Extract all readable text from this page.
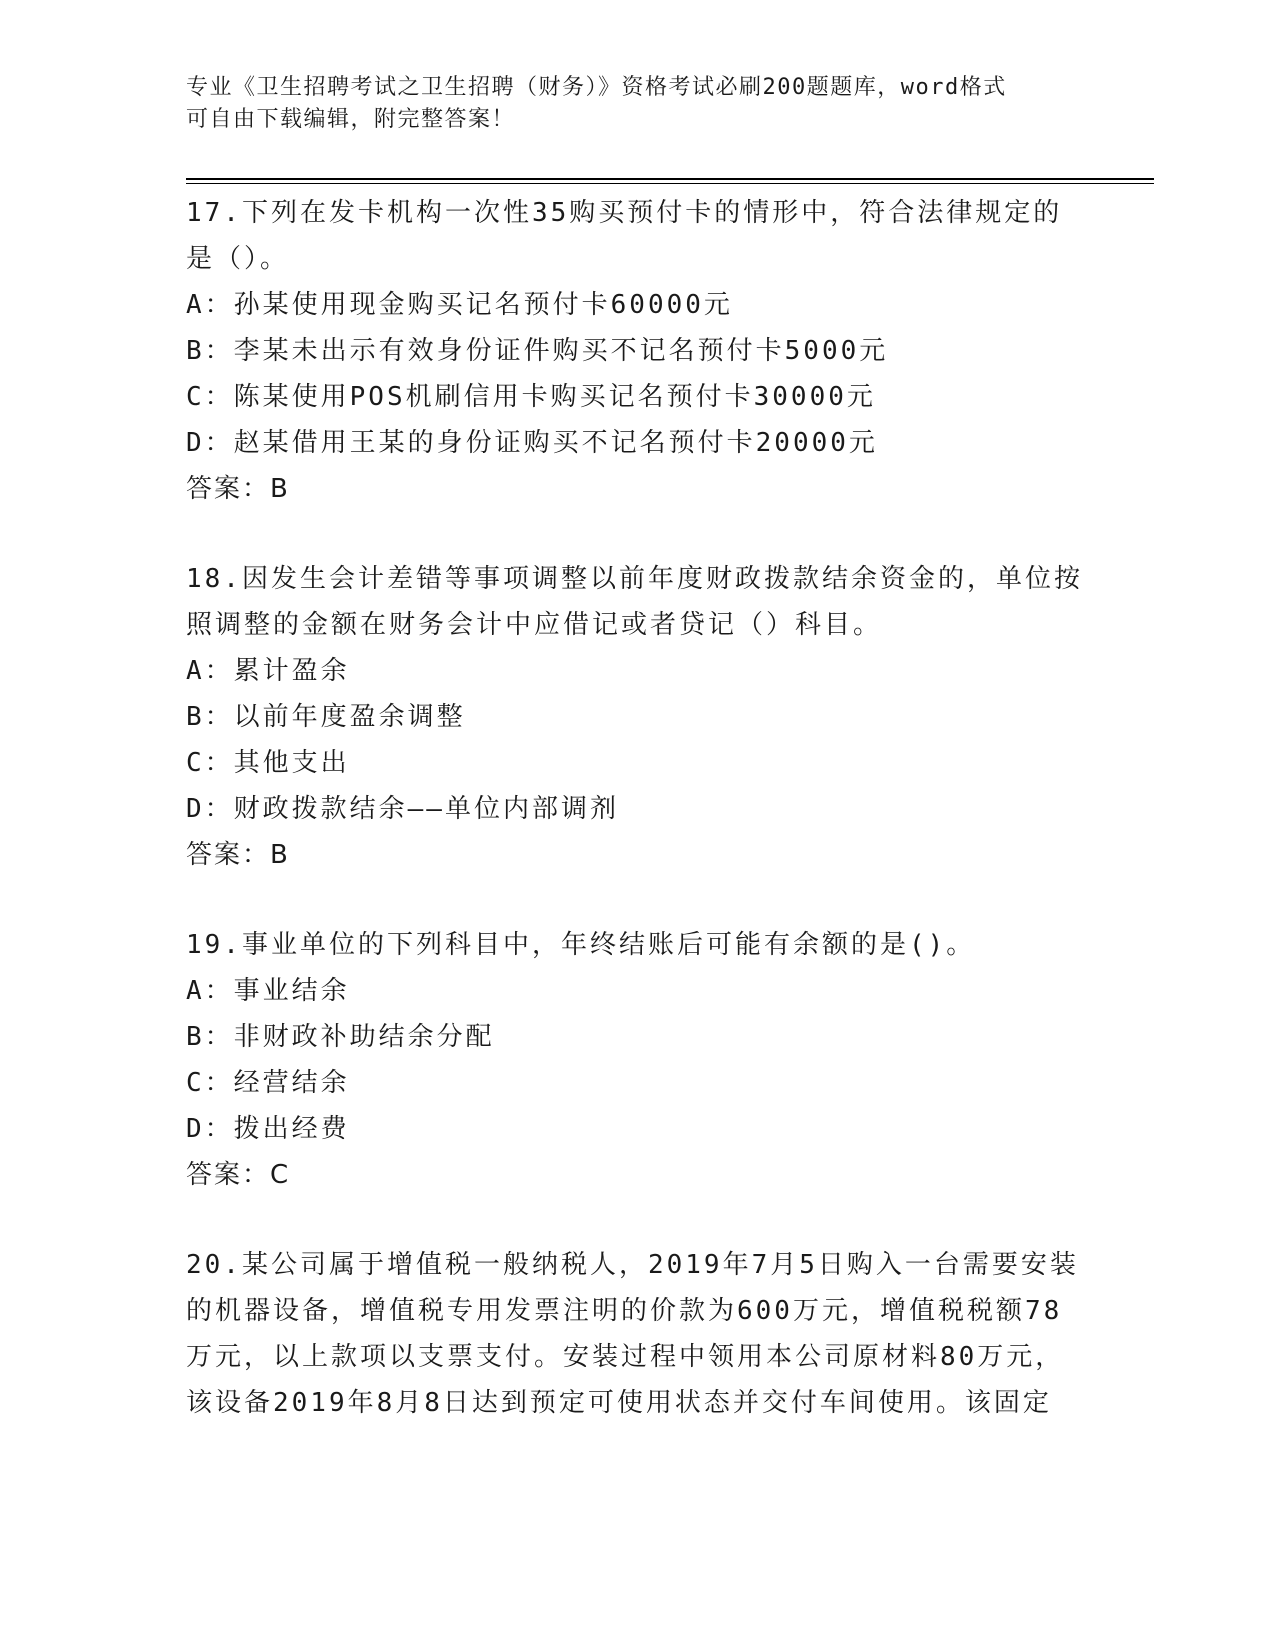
专业《卫生招聘考试之卫生招聘（财务）》资格考试必刷200题题库，word格式
可自由下载编辑，附完整答案！
17.下列在发卡机构一次性35购买预付卡的情形中，符合法律规定的
是（）。
A：孙某使用现金购买记名预付卡60000元
B：李某未出示有效身份证件购买不记名预付卡5000元
C：陈某使用POS机刷信用卡购买记名预付卡30000元
D：赵某借用王某的身份证购买不记名预付卡20000元
答案：B
18.因发生会计差错等事项调整以前年度财政拨款结余资金的，单位按
照调整的金额在财务会计中应借记或者贷记（）科目。
A：累计盈余
B：以前年度盈余调整
C：其他支出
D：财政拨款结余——单位内部调剂
答案：B
19.事业单位的下列科目中，年终结账后可能有余额的是()。
A：事业结余
B：非财政补助结余分配
C：经营结余
D：拨出经费
答案：C
20.某公司属于增值税一般纳税人，2019年7月5日购入一台需要安装
的机器设备，增值税专用发票注明的价款为600万元，增值税税额78
万元，以上款项以支票支付。安装过程中领用本公司原材料80万元，
该设备2019年8月8日达到预定可使用状态并交付车间使用。该固定
